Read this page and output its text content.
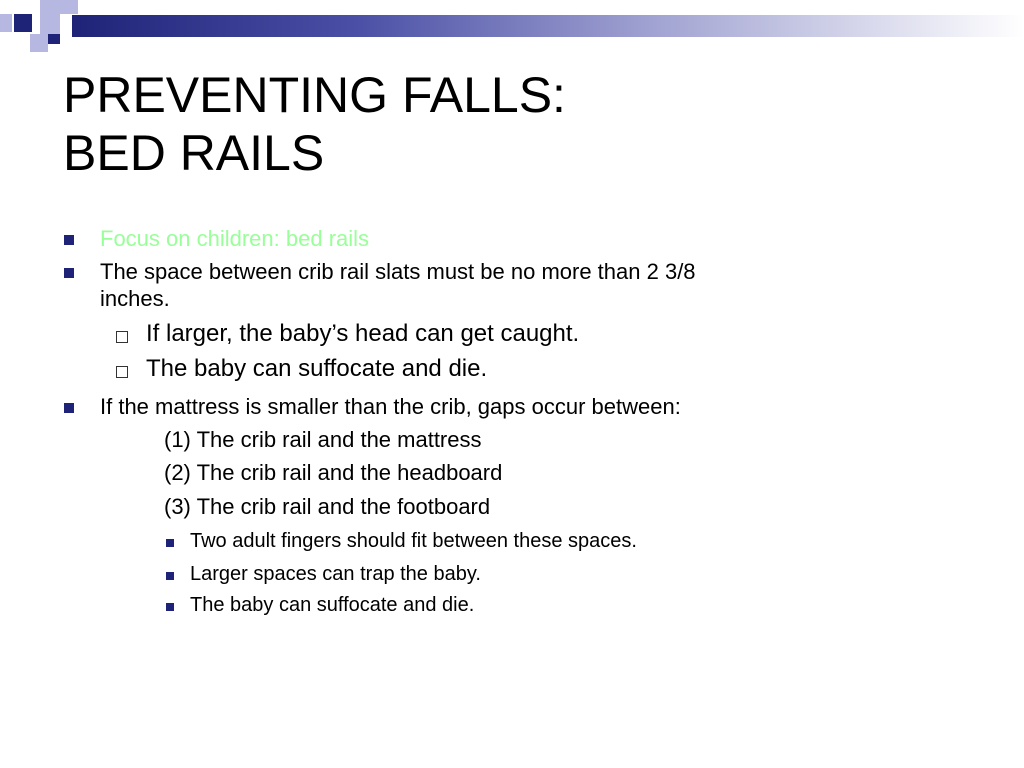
PREVENTING FALLS:
BED RAILS
Focus on children: bed rails
The space between crib rail slats must be no more than 2 3/8
inches.
If larger, the baby’s head can get caught.
The baby can suffocate and die.
If the mattress is smaller than the crib, gaps occur between:
(1) The crib rail and the mattress
(2) The crib rail and the headboard
(3) The crib rail and the footboard
Two adult fingers should fit between these spaces.
Larger spaces can trap the baby.
The baby can suffocate and die.
